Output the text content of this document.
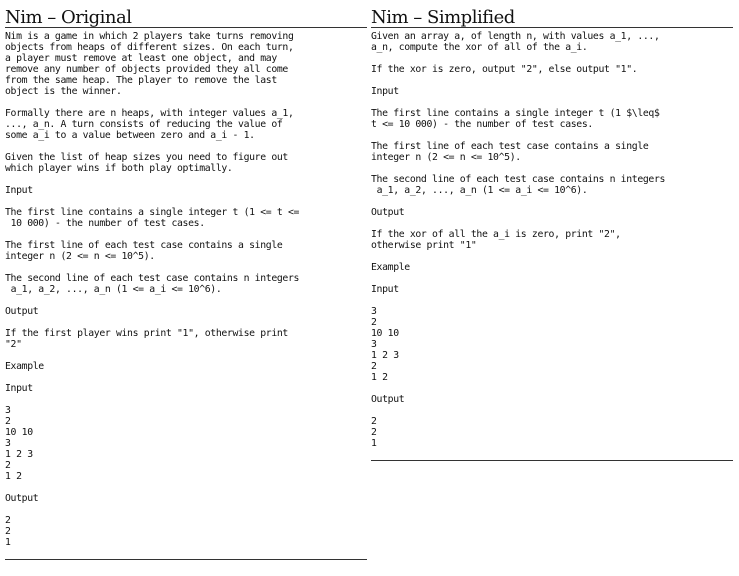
Nim – Original
Nim is a game in which 2 players take turns removing
objects from heaps of different sizes. On each turn,
a player must remove at least one object, and may
remove any number of objects provided they all come
from the same heap. The player to remove the last
object is the winner.
Formally there are n heaps, with integer values a_1,
..., a_n. A turn consists of reducing the value of
some a_i to a value between zero and a_i - 1.
Given the list of heap sizes you need to figure out
which player wins if both play optimally.
Input
The first line contains a single integer t (1 <= t <=
10 000) - the number of test cases.
The first line of each test case contains a single
integer n (2 <= n <= 10^5).
The second line of each test case contains n integers
a_1, a_2, ..., a_n (1 <= a_i <= 10^6).
Output
If the first player wins print "1", otherwise print
"2"
Example
Input
3
2
10 10
3
1 2 3
2
1 2
Output
2
2
1
Nim – Simplified
Given an array a, of length n, with values a_1, ...,
a_n, compute the xor of all of the a_i.
If the xor is zero, output "2", else output "1".
Input
The first line contains a single integer t (1 $\leq$
t <= 10 000) - the number of test cases.
The first line of each test case contains a single
integer n (2 <= n <= 10^5).
The second line of each test case contains n integers
a_1, a_2, ..., a_n (1 <= a_i <= 10^6).
Output
If the xor of all the a_i is zero, print "2",
otherwise print "1"
Example
Input
3
2
10 10
3
1 2 3
2
1 2
Output
2
2
1
